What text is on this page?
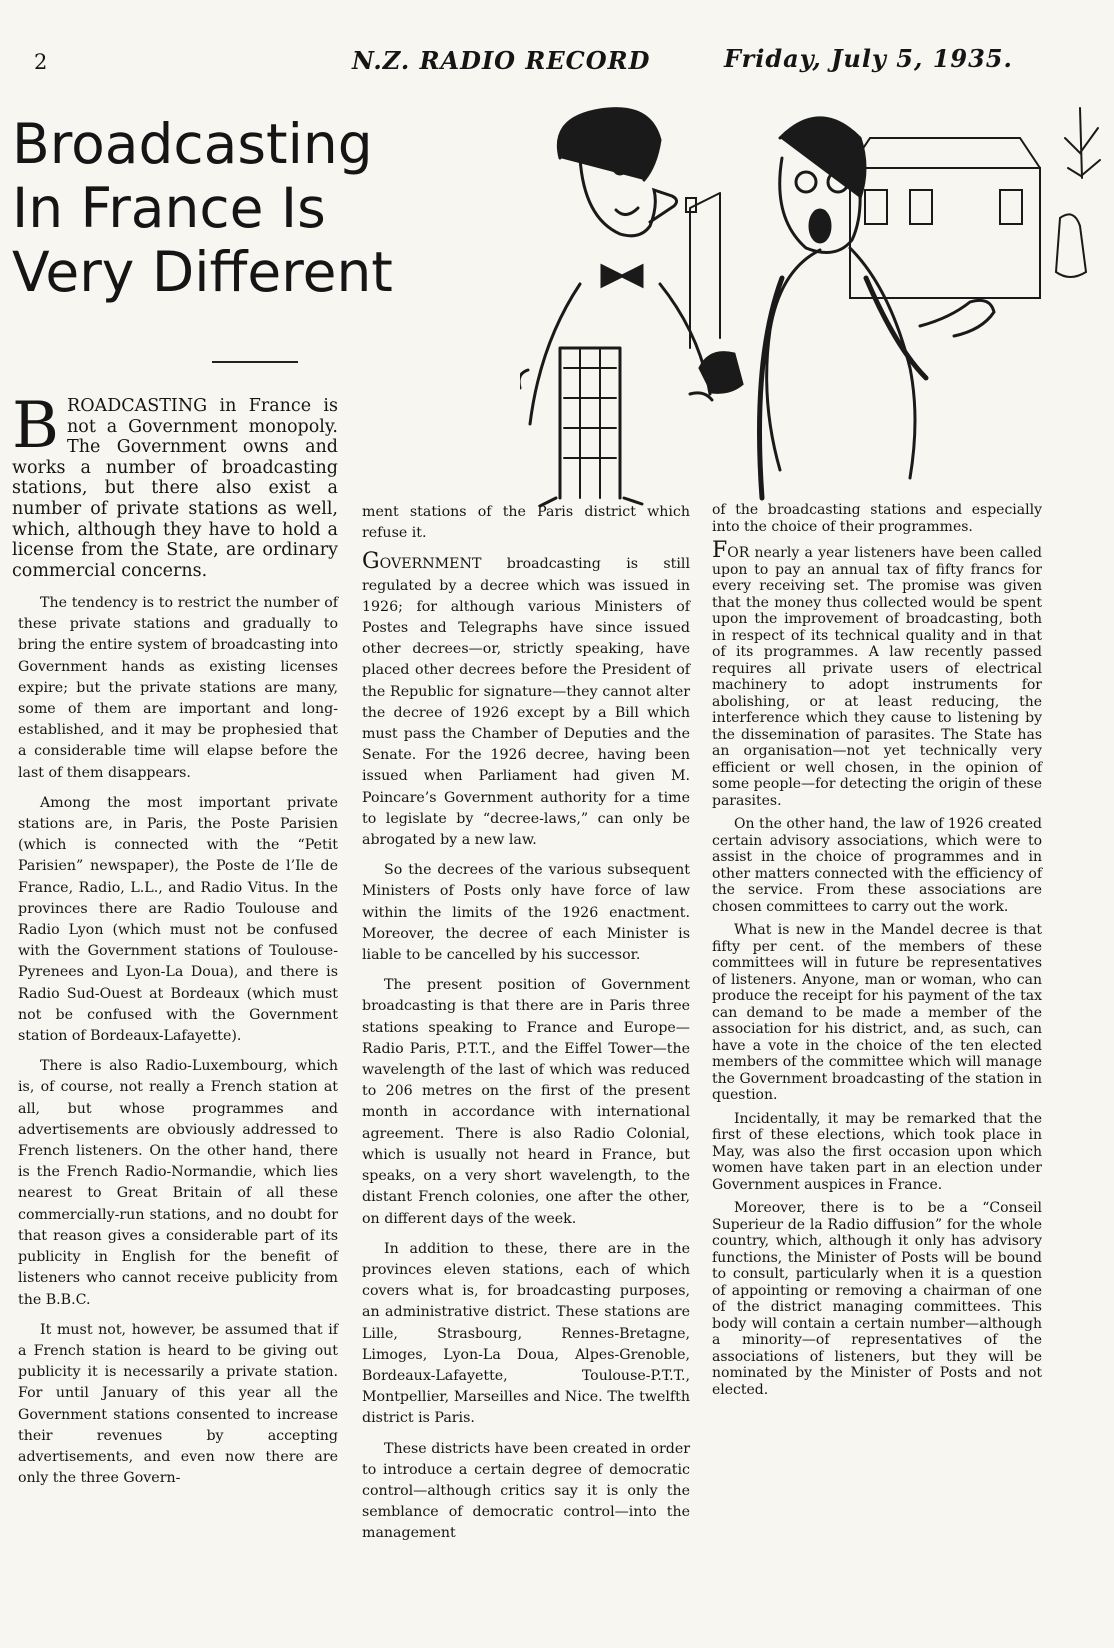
2	N.Z. RADIO RECORD	Friday, July 5, 1935.
Broadcasting
In France Is
Very Different

BROADCASTING in France is not a Government monopoly. The Government owns and works a number of broadcasting stations, but there also exist a number of private stations as well, which, although they have to hold a license from the State, are ordinary commercial concerns.

The tendency is to restrict the number of these private stations and gradually to bring the entire system of broadcasting into Government hands as existing licenses expire; but the private stations are many, some of them are important and long-established, and it may be prophesied that a considerable time will elapse before the last of them disappears.

Among the most important private stations are, in Paris, the Poste Parisien (which is connected with the “Petit Parisien” newspaper), the Poste de l’Ile de France, Radio, L.L., and Radio Vitus. In the provinces there are Radio Toulouse and Radio Lyon (which must not be confused with the Government stations of Toulouse-Pyrenees and Lyon-La Doua), and there is Radio Sud-Ouest at Bordeaux (which must not be confused with the Government station of Bordeaux-Lafayette).

There is also Radio-Luxembourg, which is, of course, not really a French station at all, but whose programmes and advertisements are obviously addressed to French listeners. On the other hand, there is the French Radio-Normandie, which lies nearest to Great Britain of all these commercially-run stations, and no doubt for that reason gives a considerable part of its publicity in English for the benefit of listeners who cannot receive publicity from the B.B.C.

It must not, however, be assumed that if a French station is heard to be giving out publicity it is necessarily a private station. For until January of this year all the Government stations consented to increase their revenues by accepting advertisements, and even now there are only the three Govern-

ment stations of the Paris district which refuse it.

GOVERNMENT broadcasting is still regulated by a decree which was issued in 1926; for although various Ministers of Postes and Telegraphs have since issued other decrees—or, strictly speaking, have placed other decrees before the President of the Republic for signature—they cannot alter the decree of 1926 except by a Bill which must pass the Chamber of Deputies and the Senate. For the 1926 decree, having been issued when Parliament had given M. Poincare’s Government authority for a time to legislate by “decree-laws,” can only be abrogated by a new law.

So the decrees of the various subsequent Ministers of Posts only have force of law within the limits of the 1926 enactment. Moreover, the decree of each Minister is liable to be cancelled by his successor.

The present position of Government broadcasting is that there are in Paris three stations speaking to France and Europe—Radio Paris, P.T.T., and the Eiffel Tower—the wavelength of the last of which was reduced to 206 metres on the first of the present month in accordance with international agreement. There is also Radio Colonial, which is usually not heard in France, but speaks, on a very short wavelength, to the distant French colonies, one after the other, on different days of the week.

In addition to these, there are in the provinces eleven stations, each of which covers what is, for broadcasting purposes, an administrative district. These stations are Lille, Strasbourg, Rennes-Bretagne, Limoges, Lyon-La Doua, Alpes-Grenoble, Bordeaux-Lafayette, Toulouse-P.T.T., Montpellier, Marseilles and Nice. The twelfth district is Paris.

These districts have been created in order to introduce a certain degree of democratic control—although critics say it is only the semblance of democratic control—into the management

of the broadcasting stations and especially into the choice of their programmes.

FOR nearly a year listeners have been called upon to pay an annual tax of fifty francs for every receiving set. The promise was given that the money thus collected would be spent upon the improvement of broadcasting, both in respect of its technical quality and in that of its programmes. A law recently passed requires all private users of electrical machinery to adopt instruments for abolishing, or at least reducing, the interference which they cause to listening by the dissemination of parasites. The State has an organisation—not yet technically very efficient or well chosen, in the opinion of some people—for detecting the origin of these parasites.

On the other hand, the law of 1926 created certain advisory associations, which were to assist in the choice of programmes and in other matters connected with the efficiency of the service. From these associations are chosen committees to carry out the work.

What is new in the Mandel decree is that fifty per cent. of the members of these committees will in future be representatives of listeners. Anyone, man or woman, who can produce the receipt for his payment of the tax can demand to be made a member of the association for his district, and, as such, can have a vote in the choice of the ten elected members of the committee which will manage the Government broadcasting of the station in question.

Incidentally, it may be remarked that the first of these elections, which took place in May, was also the first occasion upon which women have taken part in an election under Government auspices in France.

Moreover, there is to be a “Conseil Superieur de la Radio diffusion” for the whole country, which, although it only has advisory functions, the Minister of Posts will be bound to consult, particularly when it is a question of appointing or removing a chairman of one of the district managing committees. This body will contain a certain number—although a minority—of representatives of the associations of listeners, but they will be nominated by the Minister of Posts and not elected.
